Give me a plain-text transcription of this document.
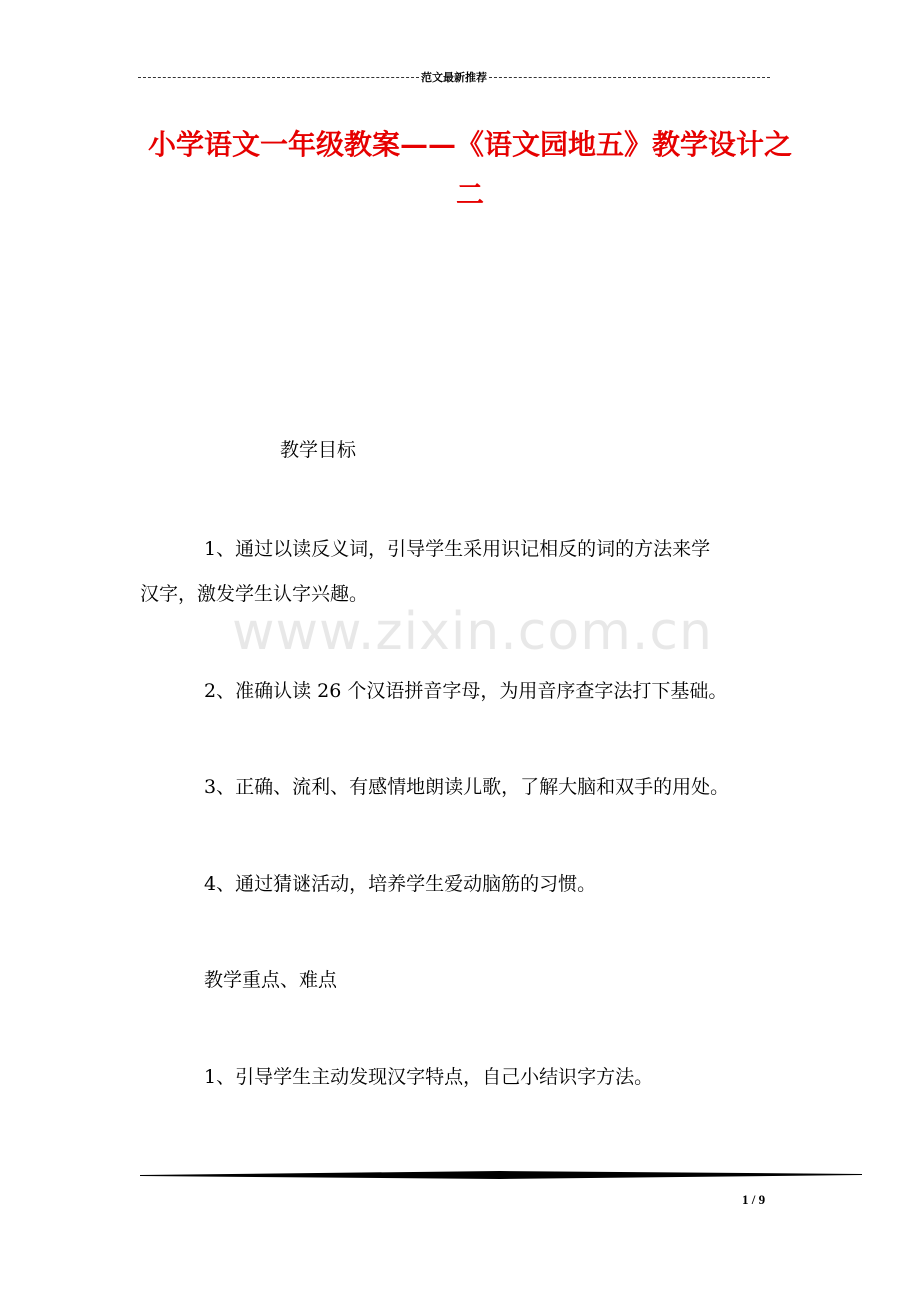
范文最新推荐
小学语文一年级教案——《语文园地五》教学设计之
二
教学目标
1、通过以读反义词，引导学生采用识记相反的词的方法来学
汉字，激发学生认字兴趣。
www.zixin.com.cn
2、准确认读 26 个汉语拼音字母，为用音序查字法打下基础。
3、正确、流利、有感情地朗读儿歌，了解大脑和双手的用处。
4、通过猜谜活动，培养学生爱动脑筋的习惯。
教学重点、难点
1、引导学生主动发现汉字特点，自己小结识字方法。
1 / 9
